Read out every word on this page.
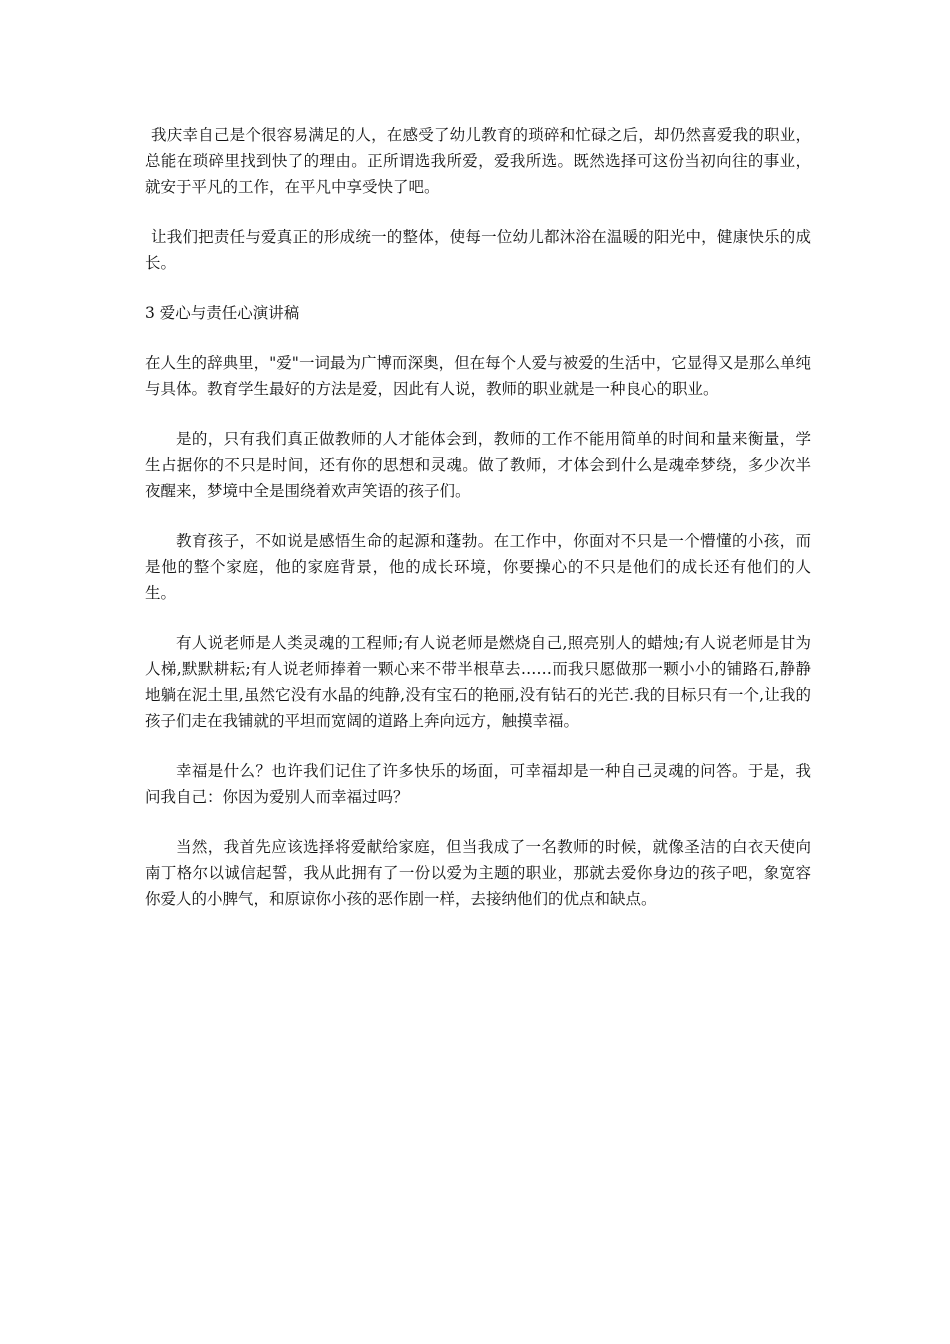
我庆幸自己是个很容易满足的人，在感受了幼儿教育的琐碎和忙碌之后，却仍然喜爱我的职业，总能在琐碎里找到快了的理由。正所谓选我所爱，爱我所选。既然选择可这份当初向往的事业，就安于平凡的工作，在平凡中享受快了吧。

让我们把责任与爱真正的形成统一的整体，使每一位幼儿都沐浴在温暖的阳光中，健康快乐的成长。

3 爱心与责任心演讲稿

在人生的辞典里，"爱"一词最为广博而深奥，但在每个人爱与被爱的生活中，它显得又是那么单纯与具体。教育学生最好的方法是爱，因此有人说，教师的职业就是一种良心的职业。

是的，只有我们真正做教师的人才能体会到，教师的工作不能用简单的时间和量来衡量，学生占据你的不只是时间，还有你的思想和灵魂。做了教师，才体会到什么是魂牵梦绕，多少次半夜醒来，梦境中全是围绕着欢声笑语的孩子们。

教育孩子，不如说是感悟生命的起源和蓬勃。在工作中，你面对不只是一个懵懂的小孩，而是他的整个家庭，他的家庭背景，他的成长环境，你要操心的不只是他们的成长还有他们的人生。

有人说老师是人类灵魂的工程师;有人说老师是燃烧自己,照亮别人的蜡烛;有人说老师是甘为人梯,默默耕耘;有人说老师捧着一颗心来不带半根草去……而我只愿做那一颗小小的铺路石,静静地躺在泥土里,虽然它没有水晶的纯静,没有宝石的艳丽,没有钻石的光芒.我的目标只有一个,让我的孩子们走在我铺就的平坦而宽阔的道路上奔向远方，触摸幸福。

幸福是什么？也许我们记住了许多快乐的场面，可幸福却是一种自己灵魂的问答。于是，我问我自己：你因为爱别人而幸福过吗？

当然，我首先应该选择将爱献给家庭，但当我成了一名教师的时候，就像圣洁的白衣天使向南丁格尔以诚信起誓，我从此拥有了一份以爱为主题的职业，那就去爱你身边的孩子吧，象宽容你爱人的小脾气，和原谅你小孩的恶作剧一样，去接纳他们的优点和缺点。
